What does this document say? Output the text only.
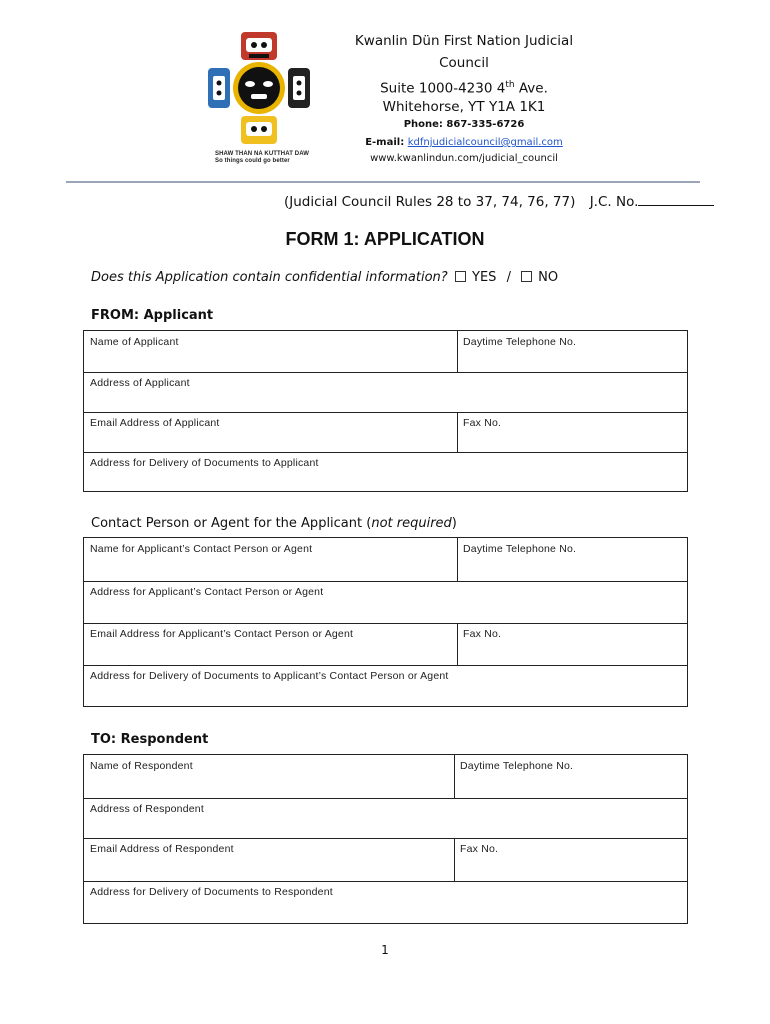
SHAW THAN NA KUTTHAT DAW
So things could go better
Kwanlin Dün First Nation Judicial
Council
Suite 1000-4230 4th Ave.
Whitehorse, YT Y1A 1K1
Phone: 867-335-6726
E-mail: kdfnjudicialcouncil@gmail.com
www.kwanlindun.com/judicial_council
(Judicial Council Rules 28 to 37, 74, 76, 77) J.C. No.
FORM 1: APPLICATION
Does this Application contain confidential information?	YES / NO
FROM: Applicant
Name of Applicant	Daytime Telephone No.
Address of Applicant
Email Address of Applicant	Fax No.
Address for Delivery of Documents to Applicant
Contact Person or Agent for the Applicant (not required)
Name for Applicant’s Contact Person or Agent	Daytime Telephone No.
Address for Applicant’s Contact Person or Agent
Email Address for Applicant’s Contact Person or Agent	Fax No.
Address for Delivery of Documents to Applicant’s Contact Person or Agent
TO: Respondent
Name of Respondent	Daytime Telephone No.
Address of Respondent
Email Address of Respondent	Fax No.
Address for Delivery of Documents to Respondent
1
